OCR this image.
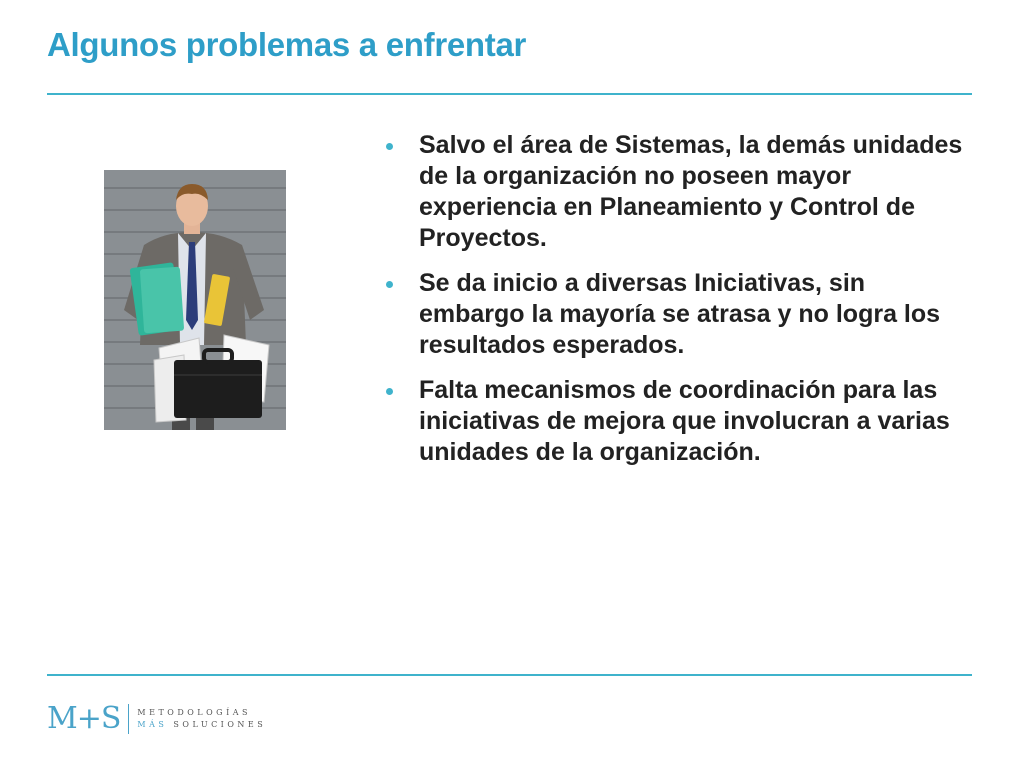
Algunos problemas a enfrentar
Salvo el área de Sistemas, la demás unidades de la organización no poseen mayor experiencia en Planeamiento y Control de Proyectos.
Se da inicio a diversas Iniciativas, sin embargo la mayoría se atrasa y no logra los resultados esperados.
Falta mecanismos de coordinación para las iniciativas de mejora que involucran a varias unidades de la organización.
M+S METODOLOGÍAS
MÁS SOLUCIONES
